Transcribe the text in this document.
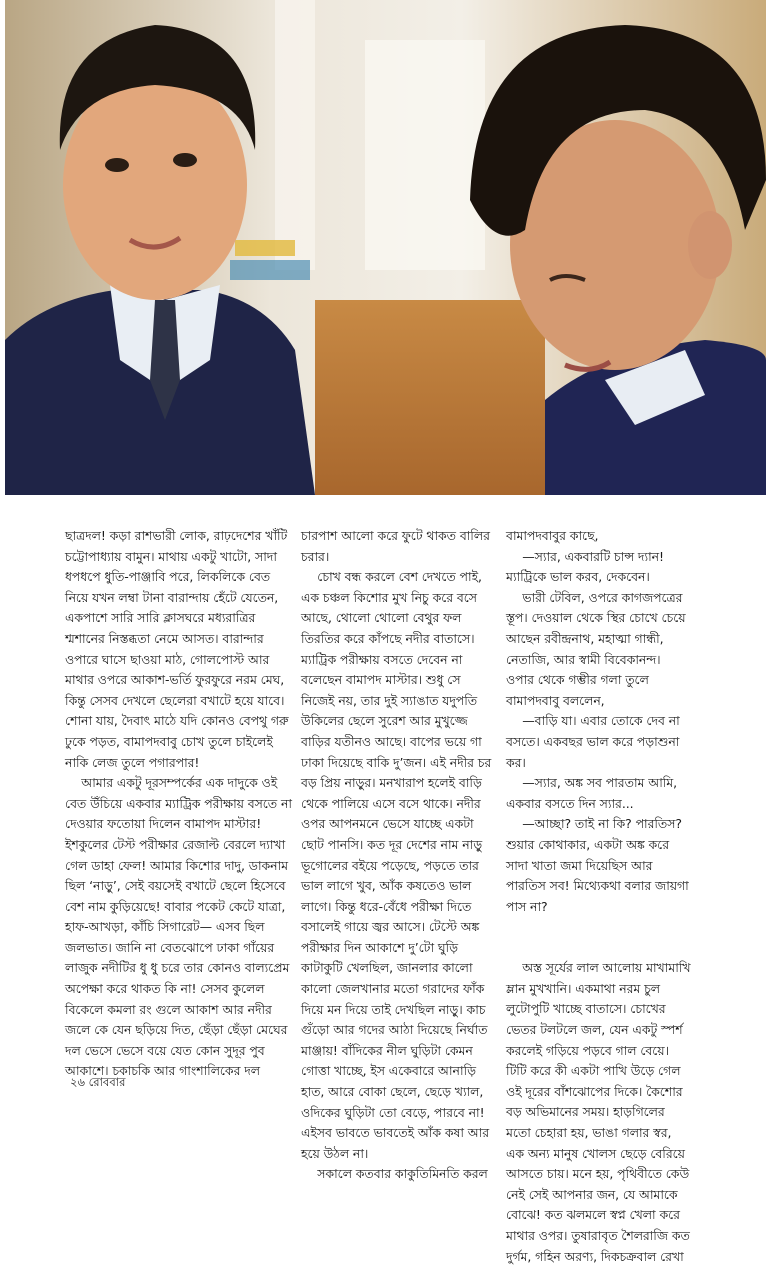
ছাত্রদল! কড়া রাশভারী লোক, রাঢ়দেশের খাঁটি চট্টোপাধ্যায় বামুন। মাথায় একটু খাটো, সাদা ধপধপে ধুতি-পাঞ্জাবি পরে, লিকলিকে বেত নিয়ে যখন লম্বা টানা বারান্দায় হেঁটে যেতেন, একপাশে সারি সারি ক্লাসঘরে মধ্যরাত্রির শ্মশানের নিস্তব্ধতা নেমে আসত। বারান্দার ওপারে ঘাসে ছাওয়া মাঠ, গোলপোস্ট আর মাথার ওপরে আকাশ-ভর্তি ফুরফুরে নরম মেঘ, কিন্তু সেসব দেখলে ছেলেরা বখাটে হয়ে যাবে। শোনা যায়, দৈবাৎ মাঠে যদি কোনও বেপথু গরু ঢুকে পড়ত, বামাপদবাবু চোখ তুলে চাইলেই নাকি লেজ তুলে পগারপার!

আমার একটু দূরসম্পর্কের এক দাদুকে ওই বেত উঁচিয়ে একবার ম্যাট্রিক পরীক্ষায় বসতে না দেওয়ার ফতোয়া দিলেন বামাপদ মাস্টার! ইশকুলের টেস্ট পরীক্ষার রেজাল্ট বেরলে দ্যাখা গেল ডাহা ফেল! আমার কিশোর দাদু, ডাকনাম ছিল ‘নাড়ু’, সেই বয়সেই বখাটে ছেলে হিসেবে বেশ নাম কুড়িয়েছে! বাবার পকেট কেটে যাত্রা, হাফ-আখড়া, কাঁচি সিগারেট— এসব ছিল জলভাত। জানি না বেতঝোপে ঢাকা গাঁয়ের লাজুক নদীটির ধু ধু চরে তার কোনও বাল্যপ্রেম অপেক্ষা করে থাকত কি না! সেসব কুলেল বিকেলে কমলা রং গুলে আকাশ আর নদীর জলে কে যেন ছড়িয়ে দিত, ছেঁড়া ছেঁড়া মেঘের দল ভেসে ভেসে বয়ে যেত কোন সুদূর পুব আকাশে। চকাচকি আর গাংশালিকের দল

চারপাশ আলো করে ফুটে থাকত বালির চরার।

চোখ বন্ধ করলে বেশ দেখতে পাই, এক চঞ্চল কিশোর মুখ নিচু করে বসে আছে, থোলো থোলো বেথুর ফল তিরতির করে কাঁপছে নদীর বাতাসে। ম্যাট্রিক পরীক্ষায় বসতে দেবেন না বলেছেন বামাপদ মাস্টার। শুধু সে নিজেই নয়, তার দুই স্যাঙাত যদুপতি উকিলের ছেলে সুরেশ আর মুখুজ্জে বাড়ির যতীনও আছে। বাপের ভয়ে গা ঢাকা দিয়েছে বাকি দু’জন। এই নদীর চর বড় প্রিয় নাড়ুর। মনখারাপ হলেই বাড়ি থেকে পালিয়ে এসে বসে থাকে। নদীর ওপর আপনমনে ভেসে যাচ্ছে একটা ছোট পানসি। কত দূর দেশের নাম নাড়ু ভূগোলের বইয়ে পড়েছে, পড়তে তার ভাল লাগে খুব, আঁক কষতেও ভাল লাগে। কিন্তু ধরে-বেঁধে পরীক্ষা দিতে বসালেই গায়ে জ্বর আসে। টেস্টে অঙ্ক পরীক্ষার দিন আকাশে দু’টো ঘুড়ি কাটাকুটি খেলছিল, জানলার কালো কালো জেলখানার মতো গরাদের ফাঁক দিয়ে মন দিয়ে তাই দেখছিল নাড়ু। কাচ গুঁড়ো আর গদের আঠা দিয়েছে নির্ঘাত মাঞ্জায়! বাঁদিকের নীল ঘুড়িটা কেমন গোত্তা খাচ্ছে, ইস একেবারে আনাড়ি হাত, আরে বোকা ছেলে, ছেড়ে খ্যাল, ওদিকের ঘুড়িটা তো বেড়ে, পারবে না! এইসব ভাবতে ভাবতেই আঁক কষা আর হয়ে উঠল না।

সকালে কতবার কাকুতিমিনতি করল

বামাপদবাবুর কাছে,

—স্যার, একবারটি চান্স দ্যান! ম্যাট্রিকে ভাল করব, দেকবেন।

ভারী টেবিল, ওপরে কাগজপত্রের স্তূপ। দেওয়াল থেকে স্থির চোখে চেয়ে আছেন রবীন্দ্রনাথ, মহাত্মা গান্ধী, নেতাজি, আর স্বামী বিবেকানন্দ। ওপার থেকে গম্ভীর গলা তুলে বামাপদবাবু বললেন,

—বাড়ি যা। এবার তোকে দেব না বসতে। একবছর ভাল করে পড়াশুনা কর।

—স্যার, অঙ্ক সব পারতাম আমি, একবার বসতে দিন স্যার...

—আচ্ছা? তাই না কি? পারতিস? শুয়ার কোথাকার, একটা অঙ্ক করে সাদা খাতা জমা দিয়েছিস আর পারতিস সব! মিথ্যেকথা বলার জায়গা পাস না?

অস্ত সূর্যের লাল আলোয় মাখামাখি ম্লান মুখখানি। একমাথা নরম চুল লুটোপুটি খাচ্ছে বাতাসে। চোখের ভেতর টলটলে জল, যেন একটু স্পর্শ করলেই গড়িয়ে পড়বে গাল বেয়ে। টিটি করে কী একটা পাখি উড়ে গেল ওই দূরের বাঁশঝোপের দিকে। কৈশোর বড় অভিমানের সময়। হাড়গিলের মতো চেহারা হয়, ভাঙা গলার স্বর, এক অন্য মানুষ খোলস ছেড়ে বেরিয়ে আসতে চায়। মনে হয়, পৃথিবীতে কেউ নেই সেই আপনার জন, যে আমাকে বোঝে! কত ঝলমলে স্বপ্ন খেলা করে মাথার ওপর। তুষারাবৃত শৈলরাজি কত দুর্গম, গহিন অরণ্য, দিকচক্রবাল রেখা

২৬ রোববার
